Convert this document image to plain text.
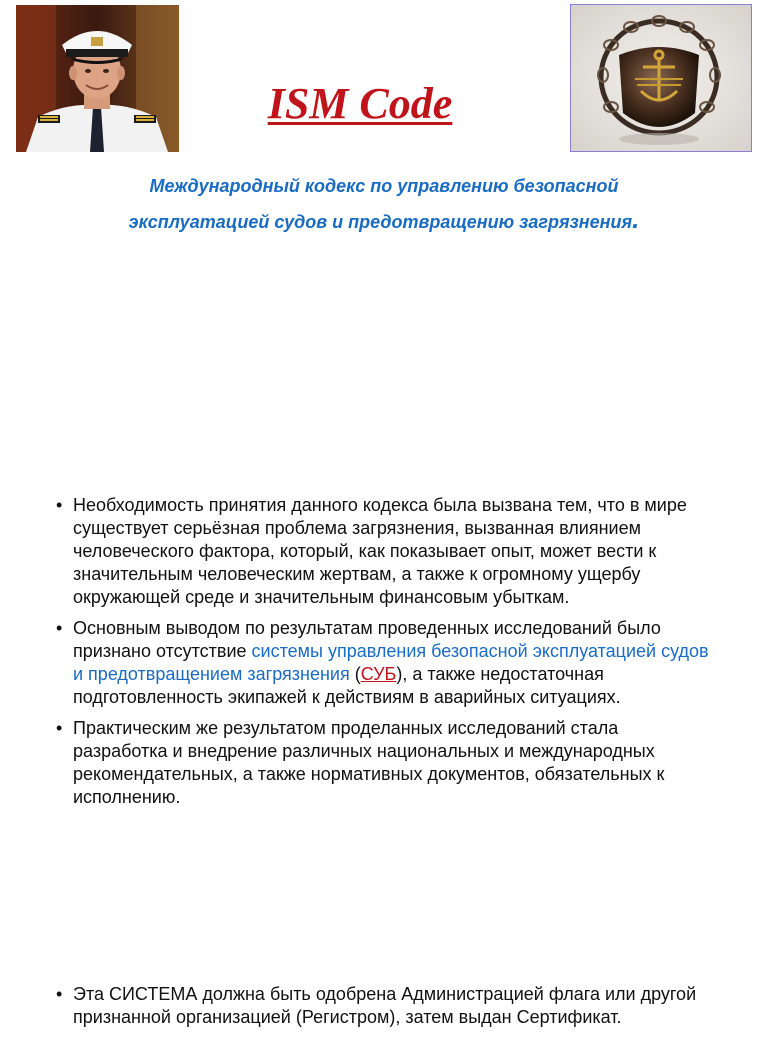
ISM Code
Международный кодекс по управлению безопасной
эксплуатацией судов и предотвращению загрязнения.
• Необходимость принятия данного кодекса была вызвана тем, что в мире существует серьёзная проблема загрязнения, вызванная влиянием человеческого фактора, который, как показывает опыт, может вести к значительным человеческим жертвам, а также к огромному ущербу окружающей среде и значительным финансовым убыткам.
• Основным выводом по результатам проведенных исследований было признано отсутствие системы управления безопасной эксплуатацией судов и предотвращением загрязнения (СУБ), а также недостаточная подготовленность экипажей к действиям в аварийных ситуациях.
• Практическим же результатом проделанных исследований стала разработка и внедрение различных национальных и международных рекомендательных, а также нормативных документов, обязательных к исполнению.
• Эта СИСТЕМА должна быть одобрена Администрацией флага или другой признанной организацией (Регистром), затем выдан Сертификат.
